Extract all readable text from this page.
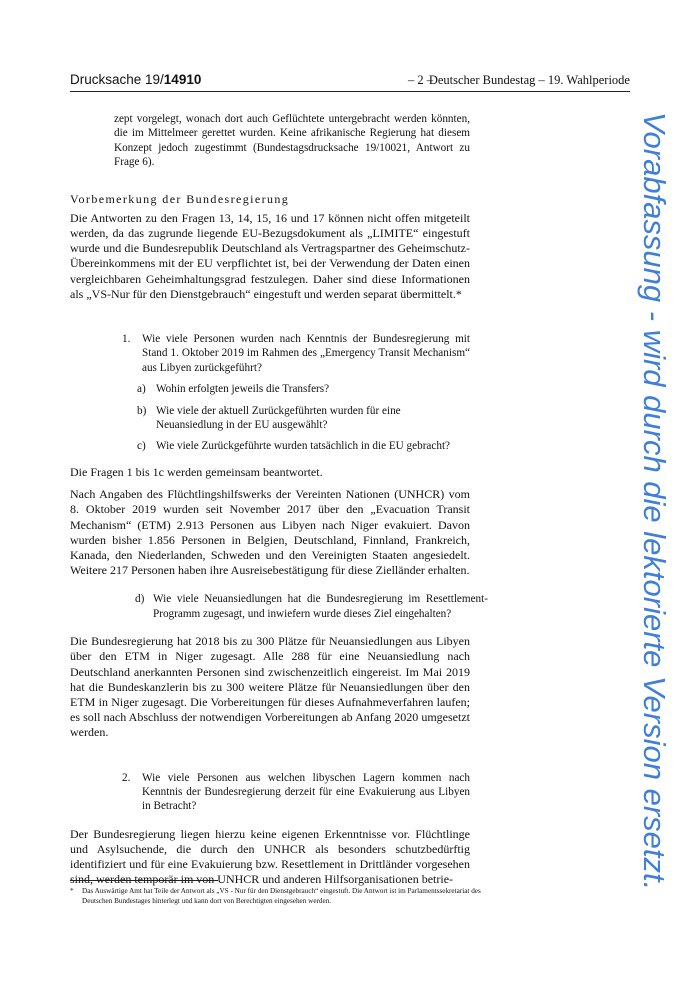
Drucksache 19/14910	– 2 –
Deutscher Bundestag – 19. Wahlperiode
Vorabfassung - wird durch die lektorierte Version ersetzt.

zept vorgelegt, wonach dort auch Geflüchtete untergebracht werden könnten, die im Mittelmeer gerettet wurden. Keine afrikanische Regierung hat diesem Konzept jedoch zugestimmt (Bundestagsdrucksache 19/10021, Antwort zu Frage 6).

Vorbemerkung der Bundesregierung

Die Antworten zu den Fragen 13, 14, 15, 16 und 17 können nicht offen mitgeteilt werden, da das zugrunde liegende EU-Bezugsdokument als „LIMITE“ eingestuft wurde und die Bundesrepublik Deutschland als Vertragspartner des Geheimschutz-Übereinkommens mit der EU verpflichtet ist, bei der Verwendung der Daten einen vergleichbaren Geheimhaltungsgrad festzulegen. Daher sind diese Informationen als „VS-Nur für den Dienstgebrauch“ eingestuft und werden separat übermittelt.*

1. Wie viele Personen wurden nach Kenntnis der Bundesregierung mit Stand 1. Oktober 2019 im Rahmen des „Emergency Transit Mechanism“ aus Libyen zurückgeführt?
a) Wohin erfolgten jeweils die Transfers?
b) Wie viele der aktuell Zurückgeführten wurden für eine Neuansiedlung in der EU ausgewählt?
c) Wie viele Zurückgeführte wurden tatsächlich in die EU gebracht?

Die Fragen 1 bis 1c werden gemeinsam beantwortet.

Nach Angaben des Flüchtlingshilfswerks der Vereinten Nationen (UNHCR) vom 8. Oktober 2019 wurden seit November 2017 über den „Evacuation Transit Mechanism“ (ETM) 2.913 Personen aus Libyen nach Niger evakuiert. Davon wurden bisher 1.856 Personen in Belgien, Deutschland, Finnland, Frankreich, Kanada, den Niederlanden, Schweden und den Vereinigten Staaten angesiedelt. Weitere 217 Personen haben ihre Ausreisebestätigung für diese Zielländer erhalten.

d) Wie viele Neuansiedlungen hat die Bundesregierung im Resettlement-Programm zugesagt, und inwiefern wurde dieses Ziel eingehalten?

Die Bundesregierung hat 2018 bis zu 300 Plätze für Neuansiedlungen aus Libyen über den ETM in Niger zugesagt. Alle 288 für eine Neuansiedlung nach Deutschland anerkannten Personen sind zwischenzeitlich eingereist. Im Mai 2019 hat die Bundeskanzlerin bis zu 300 weitere Plätze für Neuansiedlungen über den ETM in Niger zugesagt. Die Vorbereitungen für dieses Aufnahmeverfahren laufen; es soll nach Abschluss der notwendigen Vorbereitungen ab Anfang 2020 umgesetzt werden.

2. Wie viele Personen aus welchen libyschen Lagern kommen nach Kenntnis der Bundesregierung derzeit für eine Evakuierung aus Libyen in Betracht?

Der Bundesregierung liegen hierzu keine eigenen Erkenntnisse vor. Flüchtlinge und Asylsuchende, die durch den UNHCR als besonders schutzbedürftig identifiziert und für eine Evakuierung bzw. Resettlement in Drittländer vorgesehen sind, werden temporär im von UNHCR und anderen Hilfsorganisationen betrie-

*	Das Auswärtige Amt hat Teile der Antwort als „VS - Nur für den Dienstgebrauch“ eingestuft. Die Antwort ist im Parlamentssekretariat des Deutschen Bundestages hinterlegt und kann dort von Berechtigten eingesehen werden.
